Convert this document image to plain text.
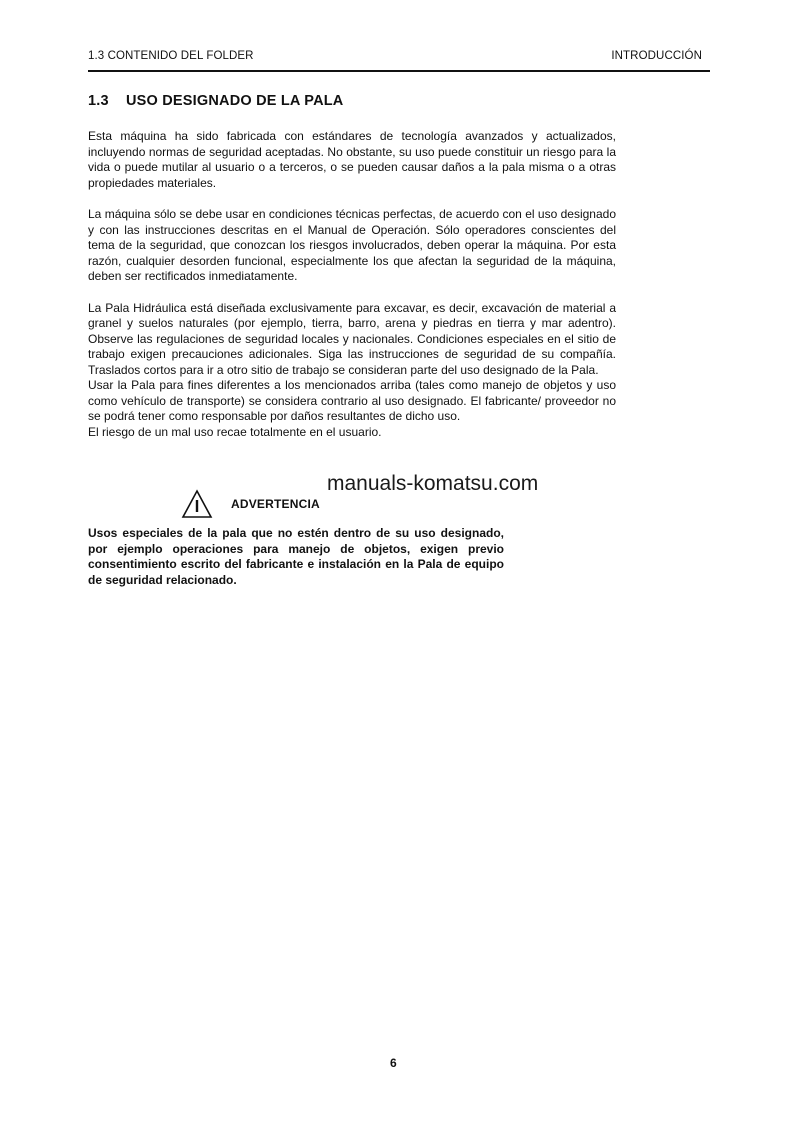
1.3 CONTENIDO DEL FOLDER	INTRODUCCIÓN
1.3 USO DESIGNADO DE LA PALA

Esta máquina ha sido fabricada con estándares de tecnología avanzados y actualizados, incluyendo normas de seguridad aceptadas. No obstante, su uso puede constituir un riesgo para la vida o puede mutilar al usuario o a terceros, o se pueden causar daños a la pala misma o a otras propiedades materiales.

La máquina sólo se debe usar en condiciones técnicas perfectas, de acuerdo con el uso designado y con las instrucciones descritas en el Manual de Operación. Sólo operadores conscientes del tema de la seguridad, que conozcan los riesgos involucrados, deben operar la máquina. Por esta razón, cualquier desorden funcional, especialmente los que afectan la seguridad de la máquina, deben ser rectificados inmediatamente.

La Pala Hidráulica está diseñada exclusivamente para excavar, es decir, excavación de material a granel y suelos naturales (por ejemplo, tierra, barro, arena y piedras en tierra y mar adentro). Observe las regulaciones de seguridad locales y nacionales. Condiciones especiales en el sitio de trabajo exigen precauciones adicionales. Siga las instrucciones de seguridad de su compañía. Traslados cortos para ir a otro sitio de trabajo se consideran parte del uso designado de la Pala.

Usar la Pala para fines diferentes a los mencionados arriba (tales como manejo de objetos y uso como vehículo de transporte) se considera contrario al uso designado. El fabricante/ proveedor no se podrá tener como responsable por daños resultantes de dicho uso.

El riesgo de un mal uso recae totalmente en el usuario.

manuals-komatsu.com
ADVERTENCIA

Usos especiales de la pala que no estén dentro de su uso designado, por ejemplo operaciones para manejo de objetos, exigen previo consentimiento escrito del fabricante e instalación en la Pala de equipo de seguridad relacionado.

6
